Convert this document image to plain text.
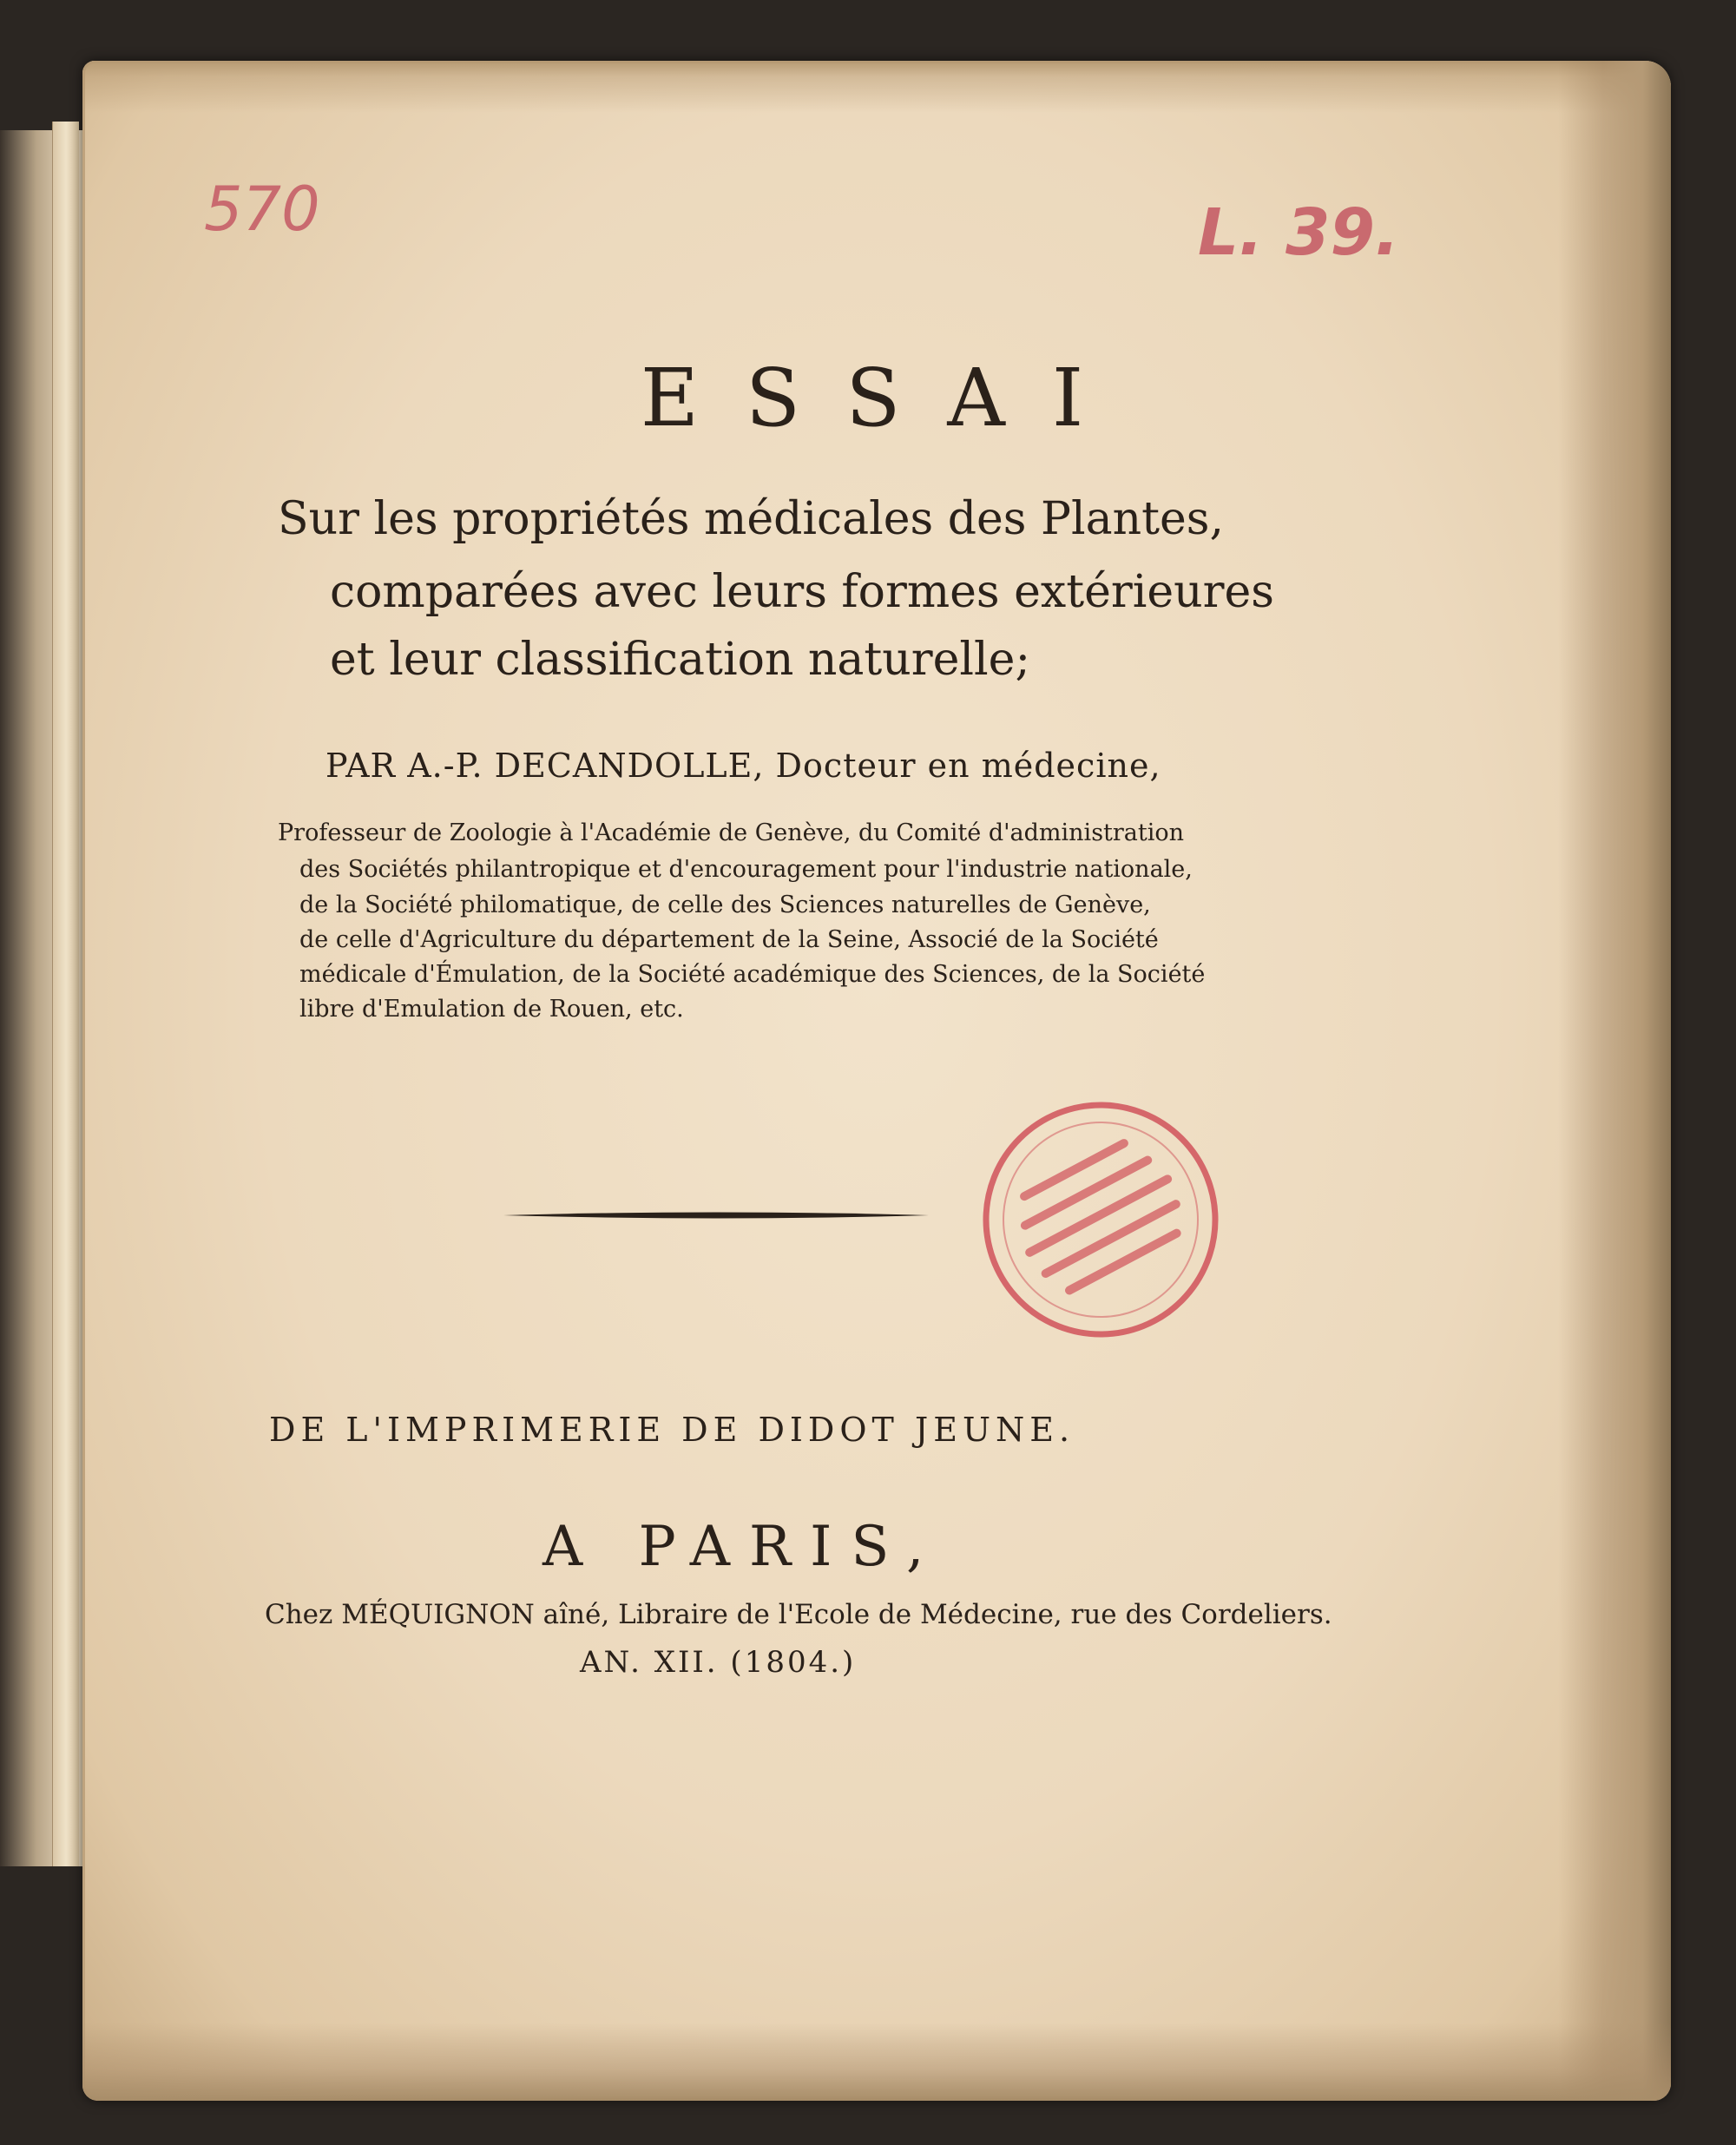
570	L. 39.

ESSAI

Sur les propriétés médicales des Plantes,

comparées avec leurs formes extérieures

et leur classification naturelle;

PAR A.-P. DECANDOLLE, Docteur en médecine,

Professeur de Zoologie à l'Académie de Genève, du Comité d'administration

des Sociétés philantropique et d'encouragement pour l'industrie nationale,

de la Société philomatique, de celle des Sciences naturelles de Genève,

de celle d'Agriculture du département de la Seine, Associé de la Société

médicale d'Émulation, de la Société académique des Sciences, de la Société

libre d'Emulation de Rouen, etc.

DE L'IMPRIMERIE DE DIDOT JEUNE.

A PARIS,

Chez MÉQUIGNON aîné, Libraire de l'Ecole de Médecine, rue des Cordeliers.

AN. XII. (1804.)
